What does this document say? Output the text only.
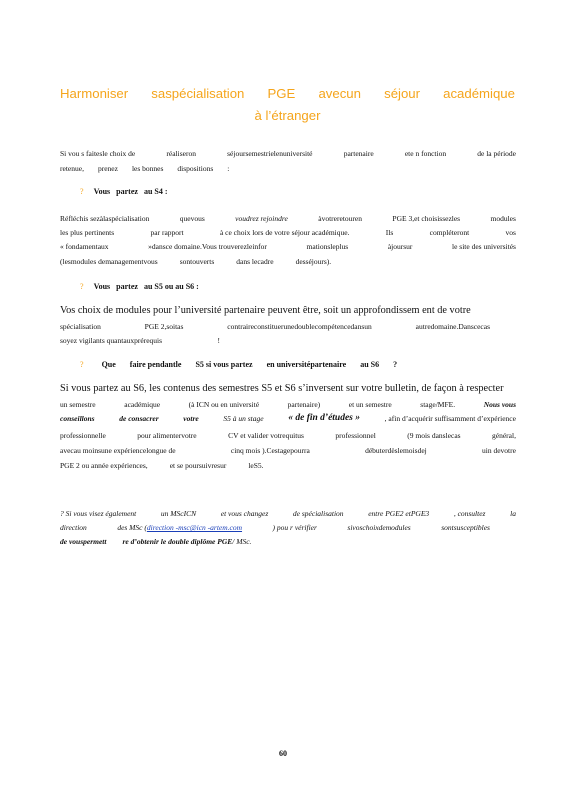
Harmoniser saspécialisation PGE avecun séjour académique
à l’étranger

Si vou s faitesle choix de	réaliseron	séjoursemestrielenuniversité	partenaire	ete n fonction	de la période

retenue, prenez les bonnes dispositions :

? Vous partez au S4 :

Réfléchis sezàlaspécialisation	quevous	voudrez rejoindre	àvotreretouren	PGE 3,et choisissezles	modules

les plus pertinents	par rapport	à ce choix lors de votre séjour académique.	Ils	compléteront	vos

« fondamentaux	»dansce domaine.Vous trouverezleinfor	mationsleplus	àjoursur	le site des universités

(lesmodules demanagementvous	sontouverts	dans lecadre	desséjours).

? Vous partez au S5 ou au S6 :

Vos choix de modules pour l’université partenaire peuvent être, soit un approfondissem ent de votre

spécialisation	PGE 2,soitas	contraireconstituerunedoublecompétencedansun	autredomaine.Danscecas

soyez vigilants quantauxprérequis	!

? Que faire pendantle S5 si vous partez en universitépartenaire au S6 ?

Si vous partez au S6, les contenus des semestres S5 et S6 s’inversent sur votre bulletin, de façon à respecter

un semestre	académique	(à ICN ou en université	partenaire)	et un semestre	stage/MFE.	Nous vous

conseillons	de consacrer	votre	S5 à un stage	« de fin d’études »	, afin d’acquérir suffisamment d’expérience

professionnelle	pour alimentervotre	CV et valider votrequitus	professionnel	(9 mois danslecas	général,

avecau moinsune expériencelongue de	cinq mois ).Cestagepourra	débuterdèslemoisdej	uin devotre

PGE 2 ou année expériences,	et se poursuivresur	leS5.

? Si vous visez également	un MScICN	et vous changez	de spécialisation	entre PGE2 etPGE3	, consultez	la

direction	des MSc (direction -msc@icn -artem.com	) pou r vérifier	sivoschoixdemodules	sontsusceptibles

de vouspermett re d’obtenir le double diplôme PGE/ MSc.

60
